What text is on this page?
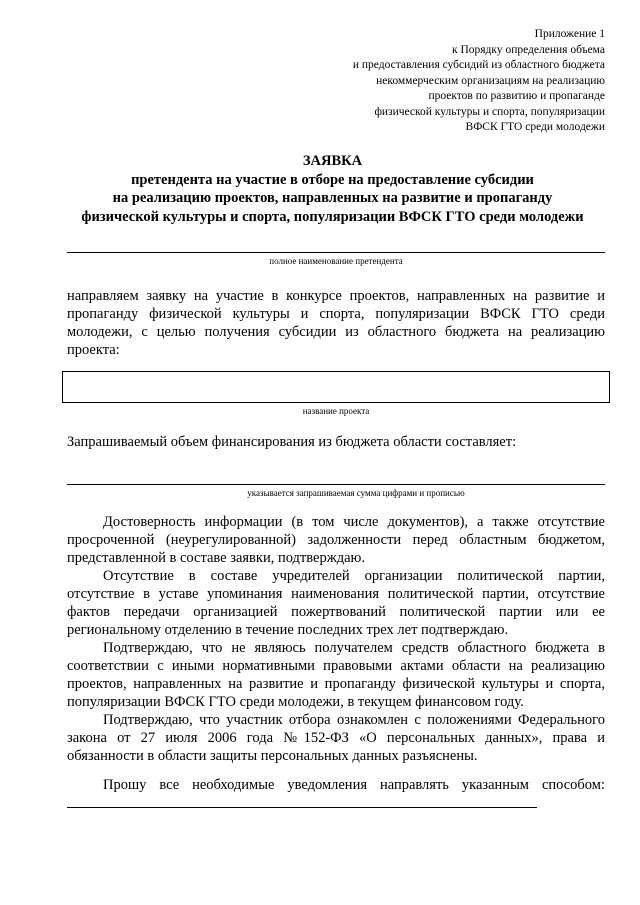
Приложение 1
к Порядку определения объема
и предоставления субсидий из областного бюджета
некоммерческим организациям на реализацию
проектов по развитию и пропаганде
физической культуры и спорта, популяризации
ВФСК ГТО среди молодежи
ЗАЯВКА
претендента на участие в отборе на предоставление субсидии
на реализацию проектов, направленных на развитие и пропаганду
физической культуры и спорта, популяризации ВФСК ГТО среди молодежи
полное наименование претендента
направляем заявку на участие в конкурсе проектов, направленных на развитие и пропаганду физической культуры и спорта, популяризации ВФСК ГТО среди молодежи, с целью получения субсидии из областного бюджета на реализацию проекта:
название проекта
Запрашиваемый объем финансирования из бюджета области составляет:
указывается запрашиваемая сумма цифрами и прописью
Достоверность информации (в том числе документов), а также отсутствие просроченной (неурегулированной) задолженности перед областным бюджетом, представленной в составе заявки, подтверждаю.
Отсутствие в составе учредителей организации политической партии, отсутствие в уставе упоминания наименования политической партии, отсутствие фактов передачи организацией пожертвований политической партии или ее региональному отделению в течение последних трех лет подтверждаю.
Подтверждаю, что не являюсь получателем средств областного бюджета в соответствии с иными нормативными правовыми актами области на реализацию проектов, направленных на развитие и пропаганду физической культуры и спорта, популяризации ВФСК ГТО среди молодежи, в текущем финансовом году.
Подтверждаю, что участник отбора ознакомлен с положениями Федерального закона от 27 июля 2006 года №152-ФЗ «О персональных данных», права и обязанности в области защиты персональных данных разъяснены.
Прошу все необходимые уведомления направлять указанным способом:
